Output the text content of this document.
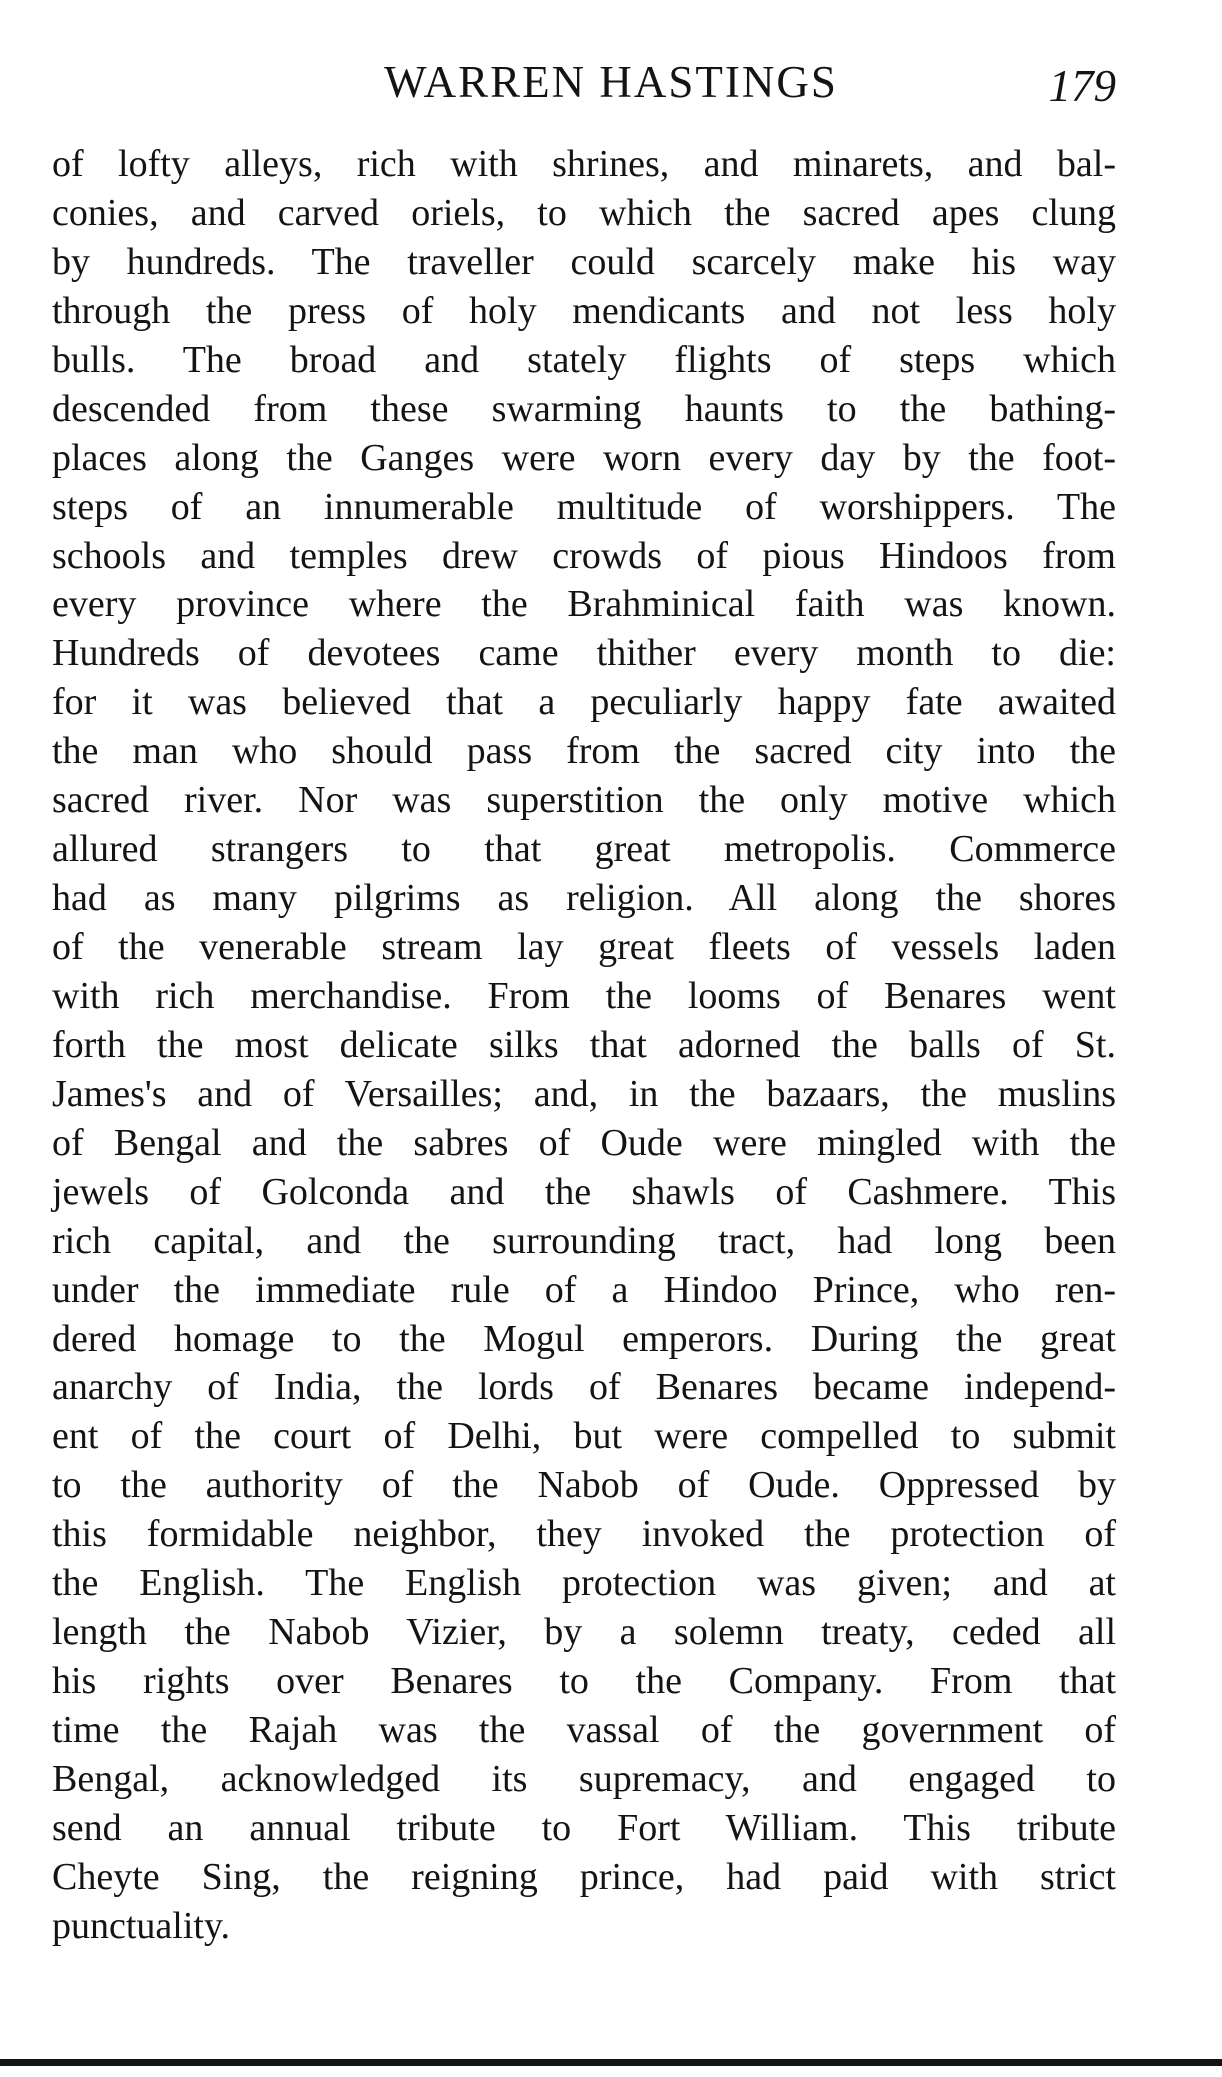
WARREN HASTINGS	179
of lofty alleys, rich with shrines, and minarets, and bal-
conies, and carved oriels, to which the sacred apes clung
by hundreds. The traveller could scarcely make his way
through the press of holy mendicants and not less holy
bulls. The broad and stately flights of steps which
descended from these swarming haunts to the bathing-
places along the Ganges were worn every day by the foot-
steps of an innumerable multitude of worshippers. The
schools and temples drew crowds of pious Hindoos from
every province where the Brahminical faith was known.
Hundreds of devotees came thither every month to die:
for it was believed that a peculiarly happy fate awaited
the man who should pass from the sacred city into the
sacred river. Nor was superstition the only motive which
allured strangers to that great metropolis. Commerce
had as many pilgrims as religion. All along the shores
of the venerable stream lay great fleets of vessels laden
with rich merchandise. From the looms of Benares went
forth the most delicate silks that adorned the balls of St.
James's and of Versailles; and, in the bazaars, the muslins
of Bengal and the sabres of Oude were mingled with the
jewels of Golconda and the shawls of Cashmere. This
rich capital, and the surrounding tract, had long been
under the immediate rule of a Hindoo Prince, who ren-
dered homage to the Mogul emperors. During the great
anarchy of India, the lords of Benares became independ-
ent of the court of Delhi, but were compelled to submit
to the authority of the Nabob of Oude. Oppressed by
this formidable neighbor, they invoked the protection of
the English. The English protection was given; and at
length the Nabob Vizier, by a solemn treaty, ceded all
his rights over Benares to the Company. From that
time the Rajah was the vassal of the government of
Bengal, acknowledged its supremacy, and engaged to
send an annual tribute to Fort William. This tribute
Cheyte Sing, the reigning prince, had paid with strict
punctuality.
